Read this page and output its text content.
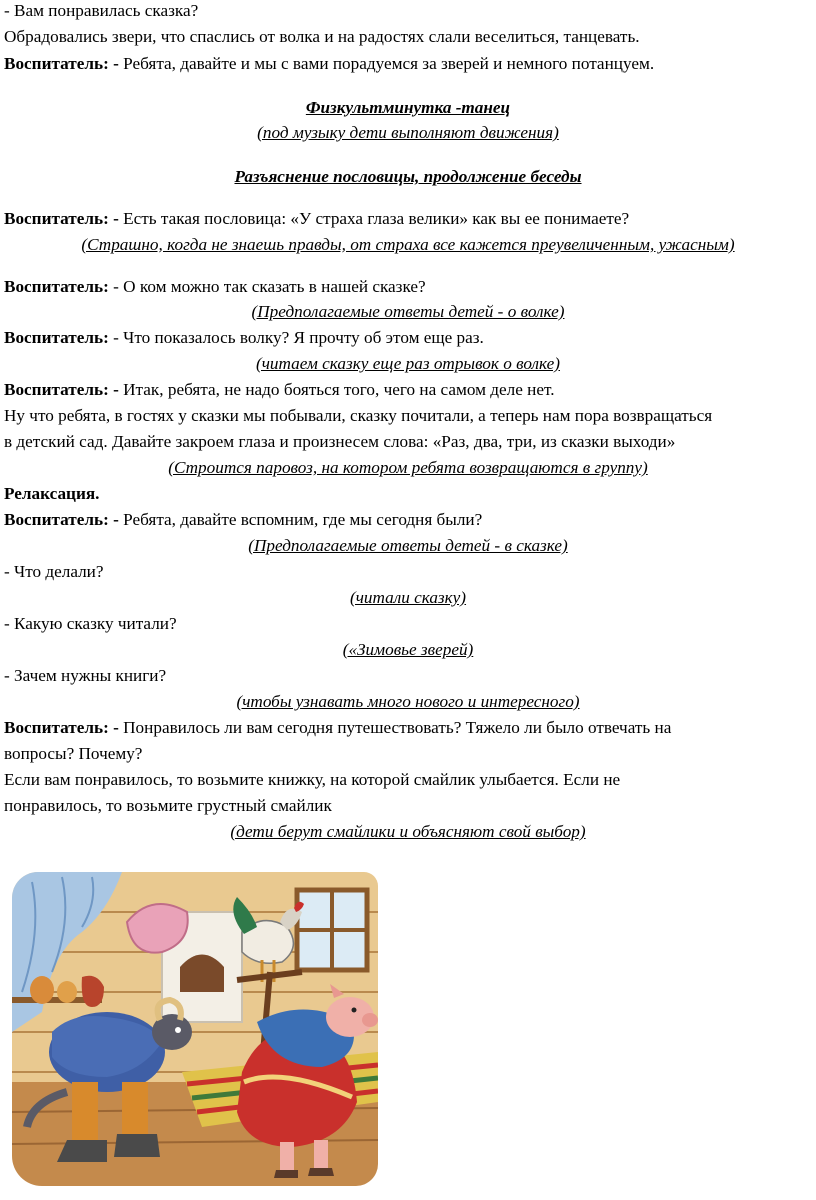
- Вам понравилась сказка?
Обрадовались звери, что спаслись от волка и на радостях слали веселиться, танцевать.
Воспитатель: - Ребята, давайте и мы с вами порадуемся за зверей и немного потанцуем.
Физкультминутка -танец
(под музыку дети выполняют движения)
Разъяснение пословицы, продолжение беседы
Воспитатель: - Есть такая пословица: «У страха глаза велики» как вы ее понимаете?
(Страшно, когда не знаешь правды, от страха все кажется преувеличенным, ужасным)
Воспитатель: - О ком можно так сказать в нашей сказке?
(Предполагаемые ответы детей - о волке)
Воспитатель: - Что показалось волку? Я прочту об этом еще раз.
(читаем сказку еще раз отрывок о волке)
Воспитатель: - Итак, ребята, не надо бояться того, чего на самом деле нет.
Ну что ребята, в гостях у сказки мы побывали, сказку почитали, а теперь нам пора возвращаться
в детский сад. Давайте закроем глаза и произнесем слова: «Раз, два, три, из сказки выходи»
(Строится паровоз, на котором ребята возвращаются в группу)
Релаксация.
Воспитатель: - Ребята, давайте вспомним, где мы сегодня были?
(Предполагаемые ответы детей - в сказке)
- Что делали?
(читали сказку)
- Какую сказку читали?
(«Зимовье зверей)
- Зачем нужны книги?
(чтобы узнавать много нового и интересного)
Воспитатель: - Понравилось ли вам сегодня путешествовать? Тяжело ли было отвечать на
вопросы? Почему?
Если вам понравилось, то возьмите книжку, на которой смайлик улыбается. Если не
понравилось, то возьмите грустный смайлик
(дети берут смайлики и объясняют свой выбор)
